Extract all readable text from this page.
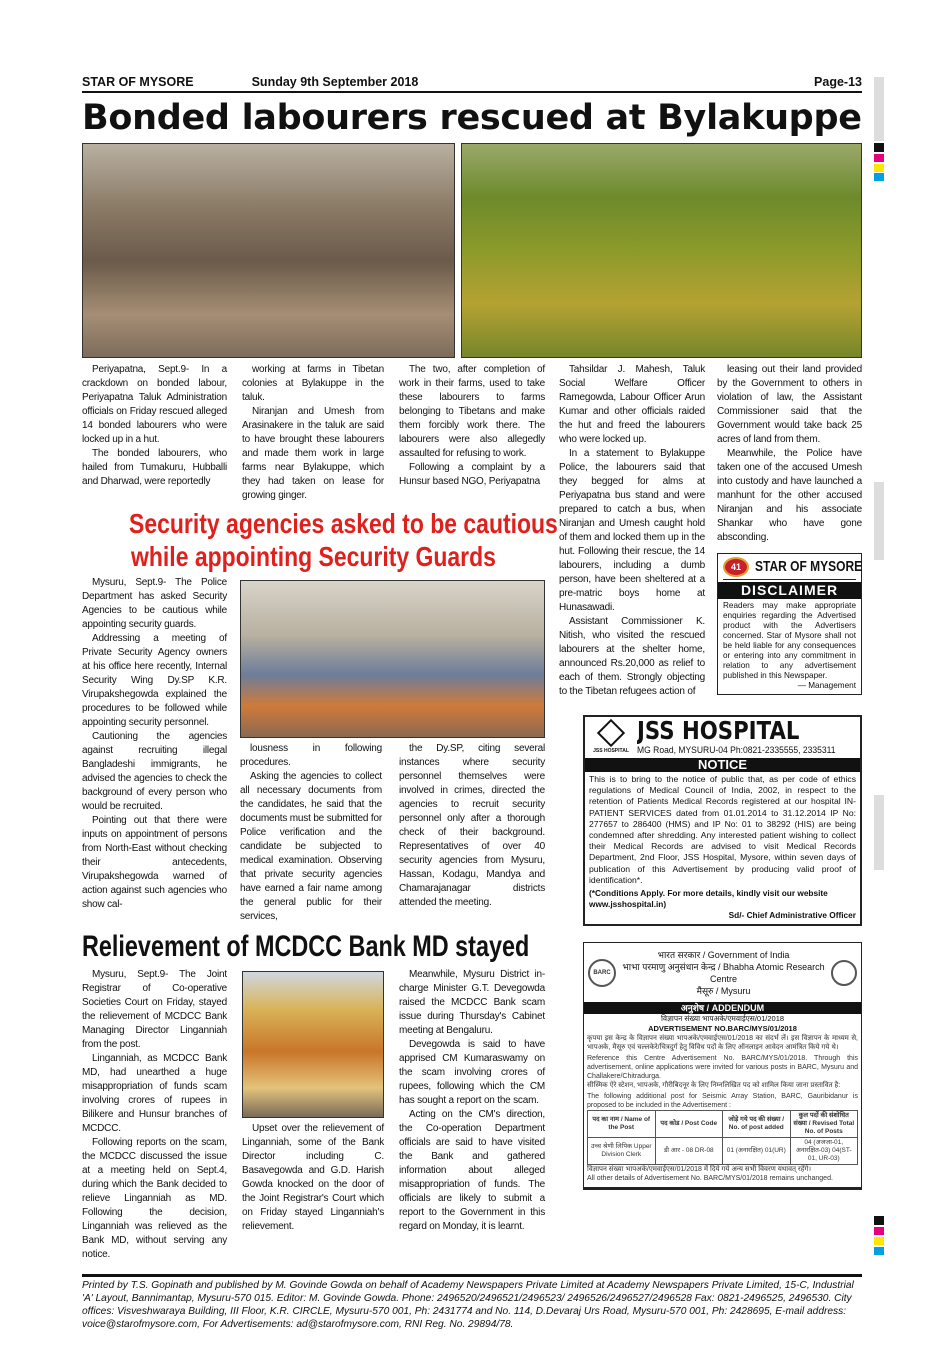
STAR OF MYSORE	Sunday 9th September 2018	Page-13
Bonded labourers rescued at Bylakuppe

Periyapatna, Sept.9- In a crackdown on bonded labour, Periyapatna Taluk Administration officials on Friday rescued alleged 14 bonded labourers who were locked up in a hut.

The bonded labourers, who hailed from Tumakuru, Hubballi and Dharwad, were reportedly

working at farms in Tibetan colonies at Bylakuppe in the taluk.

Niranjan and Umesh from Arasinakere in the taluk are said to have brought these labourers and made them work in large farms near Bylakuppe, which they had taken on lease for growing ginger.

The two, after completion of work in their farms, used to take these labourers to farms belonging to Tibetans and make them forcibly work there. The labourers were also allegedly assaulted for refusing to work.

Following a complaint by a Hunsur based NGO, Periyapatna

Security agencies asked to be cautious
while appointing Security Guards

Mysuru, Sept.9- The Police Department has asked Security Agencies to be cautious while appointing security guards.

Addressing a meeting of Private Security Agency owners at his office here recently, Internal Security Wing Dy.SP K.R. Virupakshegowda explained the procedures to be followed while appointing security personnel.

Cautioning the agencies against recruiting illegal Bangladeshi immigrants, he advised the agencies to check the background of every person who would be recruited.

Pointing out that there were inputs on appointment of persons from North-East without checking their antecedents, Virupakshegowda warned of action against such agencies who show cal-

lousness in following procedures.

Asking the agencies to collect all necessary documents from the candidates, he said that the documents must be submitted for Police verification and the candidate be subjected to medical examination. Observing that private security agencies have earned a fair name among the general public for their services,

the Dy.SP, citing several instances where security personnel themselves were involved in crimes, directed the agencies to recruit security personnel only after a thorough check of their background. Representatives of over 40 security agencies from Mysuru, Hassan, Kodagu, Mandya and Chamarajanagar districts attended the meeting.

Relievement of MCDCC Bank MD stayed

Mysuru, Sept.9- The Joint Registrar of Co-operative Societies Court on Friday, stayed the relievement of MCDCC Bank Managing Director Linganniah from the post.

Linganniah, as MCDCC Bank MD, had unearthed a huge misappropriation of funds scam involving crores of rupees in Bilikere and Hunsur branches of MCDCC.

Following reports on the scam, the MCDCC discussed the issue at a meeting held on Sept.4, during which the Bank decided to relieve Linganniah as MD. Following the decision, Linganniah was relieved as the Bank MD, without serving any notice.

Upset over the relievement of Linganniah, some of the Bank Director including C. Basavegowda and G.D. Harish Gowda knocked on the door of the Joint Registrar's Court which on Friday stayed Linganniah's relievement.

Meanwhile, Mysuru District in-charge Minister G.T. Devegowda raised the MCDCC Bank scam issue during Thursday's Cabinet meeting at Bengaluru.

Devegowda is said to have apprised CM Kumaraswamy on the scam involving crores of rupees, following which the CM has sought a report on the scam.

Acting on the CM's direction, the Co-operation Department officials are said to have visited the Bank and gathered information about alleged misappropriation of funds. The officials are likely to submit a report to the Government in this regard on Monday, it is learnt.

Tahsildar J. Mahesh, Taluk Social Welfare Officer Ramegowda, Labour Officer Arun Kumar and other officials raided the hut and freed the labourers who were locked up.

In a statement to Bylakuppe Police, the labourers said that they begged for alms at Periyapatna bus stand and were prepared to catch a bus, when Niranjan and Umesh caught hold of them and locked them up in the hut. Following their rescue, the 14 labourers, including a dumb person, have been sheltered at a pre-matric boys home at Hunasawadi.

Assistant Commissioner K. Nitish, who visited the rescued labourers at the shelter home, announced Rs.20,000 as relief to each of them. Strongly objecting to the Tibetan refugees action of

leasing out their land provided by the Government to others in violation of law, the Assistant Commissioner said that the Government would take back 25 acres of land from them.

Meanwhile, the Police have taken one of the accused Umesh into custody and have launched a manhunt for the other accused Niranjan and his associate Shankar who have gone absconding.

41 STAR OF MYSORE
DISCLAIMER
Readers may make appropriate enquiries regarding the Advertised product with the Advertisers concerned. Star of Mysore shall not be held liable for any consequences or entering into any commitment in relation to any advertisement published in this Newspaper.
— Management
JSS HOSPITAL
JSS HOSPITAL
MG Road, MYSURU-04 Ph:0821-2335555, 2335311
NOTICE
This is to bring to the notice of public that, as per code of ethics regulations of Medical Council of India, 2002, in respect to the retention of Patients Medical Records registered at our hospital IN-PATIENT SERVICES dated from 01.01.2014 to 31.12.2014 IP No: 277657 to 286400 (HMS) and IP No: 01 to 38292 (HIS) are being condemned after shredding. Any interested patient wishing to collect their Medical Records are advised to visit Medical Records Department, 2nd Floor, JSS Hospital, Mysore, within seven days of publication of this Advertisement by producing valid proof of identification*.
(*Conditions Apply. For more details, kindly visit our website www.jsshospital.in)
Sd/- Chief Administrative Officer
BARC
भारत सरकार / Government of India
भाभा परमाणु अनुसंधान केन्द्र / Bhabha Atomic Research Centre
मैसूरु / Mysuru
अनुशेष / ADDENDUM
विज्ञापन संख्या भापअके/एमवाईएस/01/2018
ADVERTISEMENT NO.BARC/MYS/01/2018
कृपया इस केन्द्र के विज्ञापन संख्या भापअके/एमवाईएस/01/2018 का संदर्भ लें। इस विज्ञापन के माध्यम से, भापअके, मैसूरु एवं चल्लकेरे/चित्रदुर्ग हेतु विविध पदों के लिए ऑनलाइन आवेदन आमंत्रित किये गये थे।
Reference this Centre Advertisement No. BARC/MYS/01/2018. Through this advertisement, online applications were invited for various posts in BARC, Mysuru and Challakere/Chitradurga.
सीस्मिक ऐरे स्टेशन, भापअके, गौरीबिदनूर के लिए निम्नलिखित पद को शामिल किया जाना प्रस्तावित है:
The following additional post for Seismic Array Station, BARC, Gauribidanur is proposed to be included in the Advertisement :
पद का नाम / Name of the Post	पद कोड / Post Code	जोड़े गये पद की संख्या / No. of post added	कुल पदों की संशोधित संख्या / Revised Total No. of Posts
उच्च श्रेणी लिपिक Upper Division Clerk	डी आर - 08 DR-08	01 (अनारक्षित) 01(UR)	04 (अजजा-01, अनारक्षित-03) 04(ST-01, UR-03)
विज्ञापन संख्या भापअके/एमवाईएस/01/2018 में दिये गये अन्य सभी विवरण यथावत् रहेंगे।
All other details of Advertisement No. BARC/MYS/01/2018 remains unchanged.
Printed by T.S. Gopinath and published by M. Govinde Gowda on behalf of Academy Newspapers Private Limited at Academy Newspapers Private Limited, 15-C, Industrial 'A' Layout, Bannimantap, Mysuru-570 015. Editor: M. Govinde Gowda. Phone: 2496520/2496521/2496523/ 2496526/2496527/2496528 Fax: 0821-2496525, 2496530. City offices: Visveshwaraya Building, III Floor, K.R. CIRCLE, Mysuru-570 001, Ph: 2431774 and No. 114, D.Devaraj Urs Road, Mysuru-570 001, Ph: 2428695, E-mail address: voice@starofmysore.com, For Advertisements: ad@starofmysore.com, RNI Reg. No. 29894/78.
